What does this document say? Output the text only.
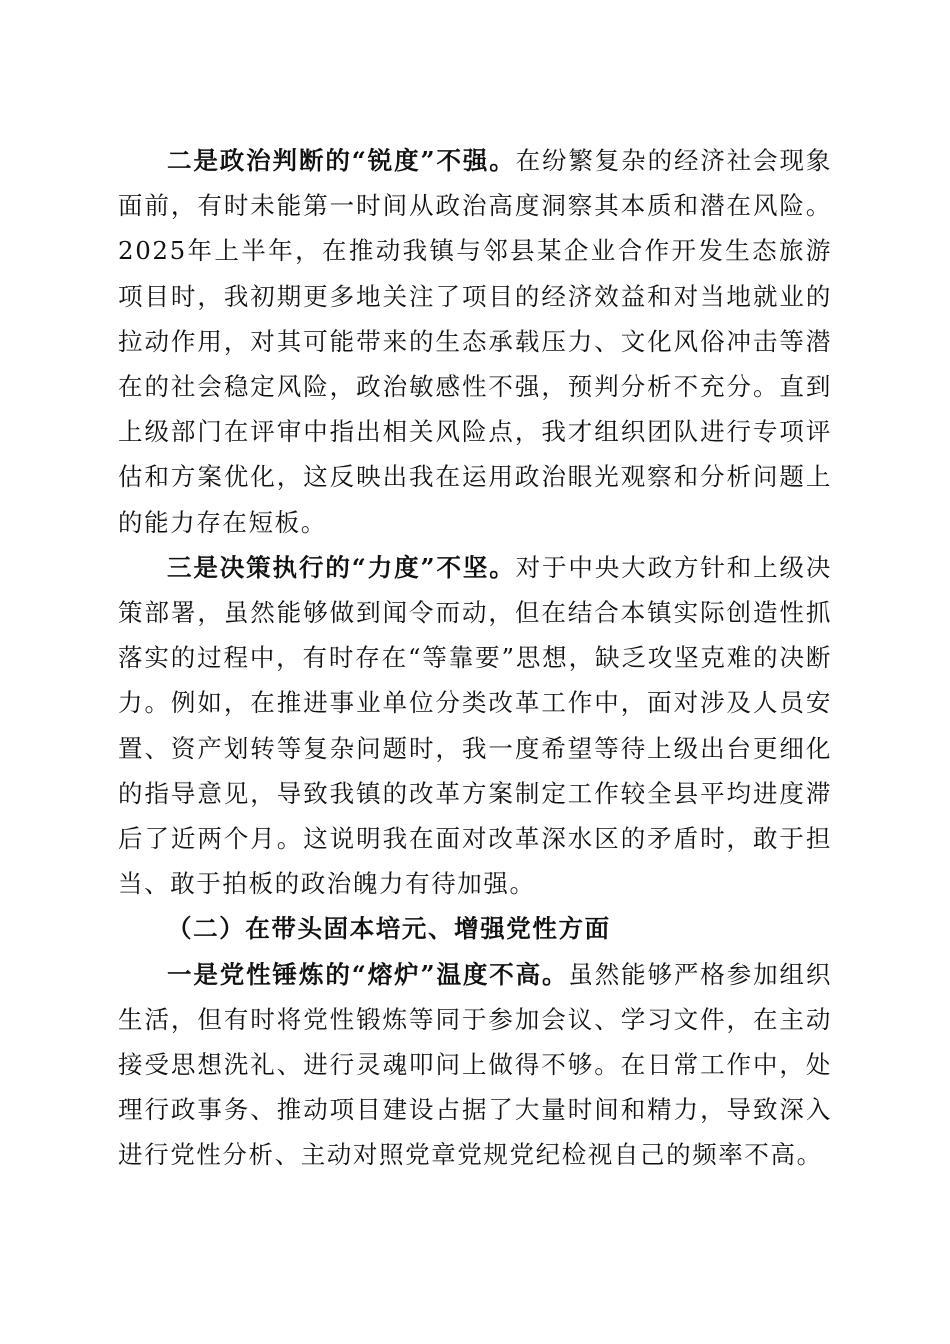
二是政治判断的“锐度”不强。在纷繁复杂的经济社会现象面前，有时未能第一时间从政治高度洞察其本质和潜在风险。2025年上半年，在推动我镇与邻县某企业合作开发生态旅游项目时，我初期更多地关注了项目的经济效益和对当地就业的拉动作用，对其可能带来的生态承载压力、文化风俗冲击等潜在的社会稳定风险，政治敏感性不强，预判分析不充分。直到上级部门在评审中指出相关风险点，我才组织团队进行专项评估和方案优化，这反映出我在运用政治眼光观察和分析问题上的能力存在短板。

三是决策执行的“力度”不坚。对于中央大政方针和上级决策部署，虽然能够做到闻令而动，但在结合本镇实际创造性抓落实的过程中，有时存在“等靠要”思想，缺乏攻坚克难的决断力。例如，在推进事业单位分类改革工作中，面对涉及人员安置、资产划转等复杂问题时，我一度希望等待上级出台更细化的指导意见，导致我镇的改革方案制定工作较全县平均进度滞后了近两个月。这说明我在面对改革深水区的矛盾时，敢于担当、敢于拍板的政治魄力有待加强。

（二）在带头固本培元、增强党性方面

一是党性锤炼的“熔炉”温度不高。虽然能够严格参加组织生活，但有时将党性锻炼等同于参加会议、学习文件，在主动接受思想洗礼、进行灵魂叩问上做得不够。在日常工作中，处理行政事务、推动项目建设占据了大量时间和精力，导致深入进行党性分析、主动对照党章党规党纪检视自己的频率不高。
